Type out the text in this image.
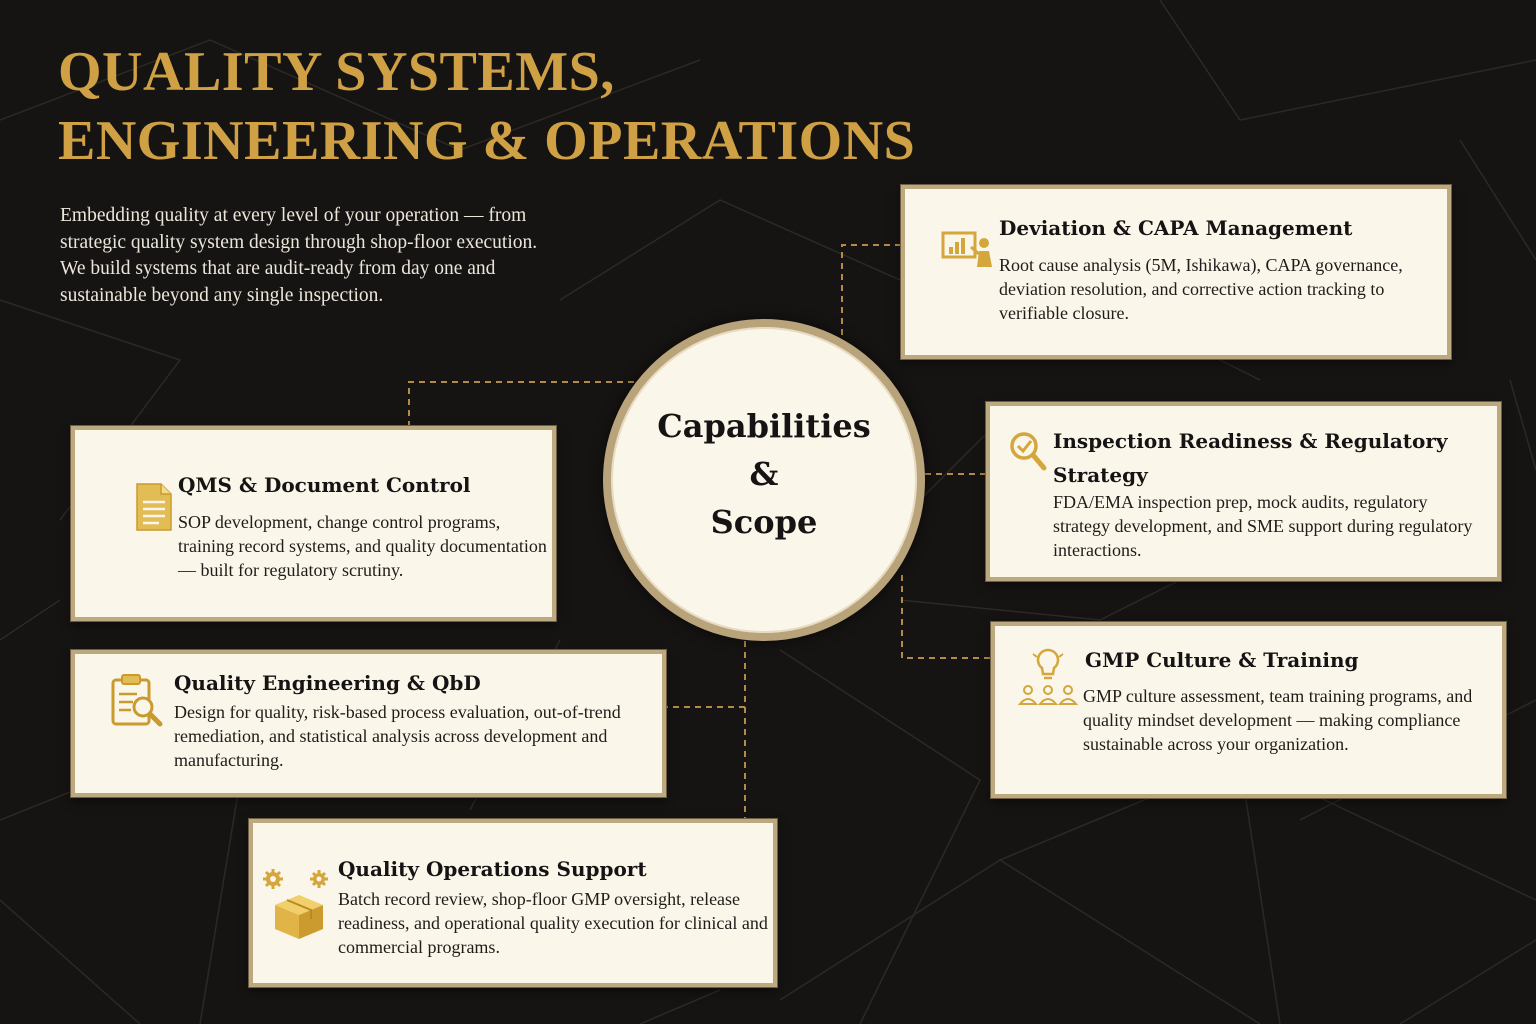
QUALITY SYSTEMS,
ENGINEERING & OPERATIONS

Embedding quality at every level of your operation — from strategic quality system design through shop-floor execution. We build systems that are audit-ready from day one and sustainable beyond any single inspection.

Capabilities &
Scope
Deviation & CAPA Management

Root cause analysis (5M, Ishikawa), CAPA governance, deviation resolution, and corrective action tracking to verifiable closure.

Inspection Readiness & Regulatory Strategy

FDA/EMA inspection prep, mock audits, regulatory strategy development, and SME support during regulatory interactions.

GMP Culture & Training

GMP culture assessment, team training programs, and quality mindset development — making compliance sustainable across your organization.

QMS & Document Control

SOP development, change control programs, training record systems, and quality documentation — built for regulatory scrutiny.

Quality Engineering & QbD

Design for quality, risk-based process evaluation, out-of-trend remediation, and statistical analysis across development and manufacturing.

Quality Operations Support

Batch record review, shop-floor GMP oversight, release readiness, and operational quality execution for clinical and commercial programs.
